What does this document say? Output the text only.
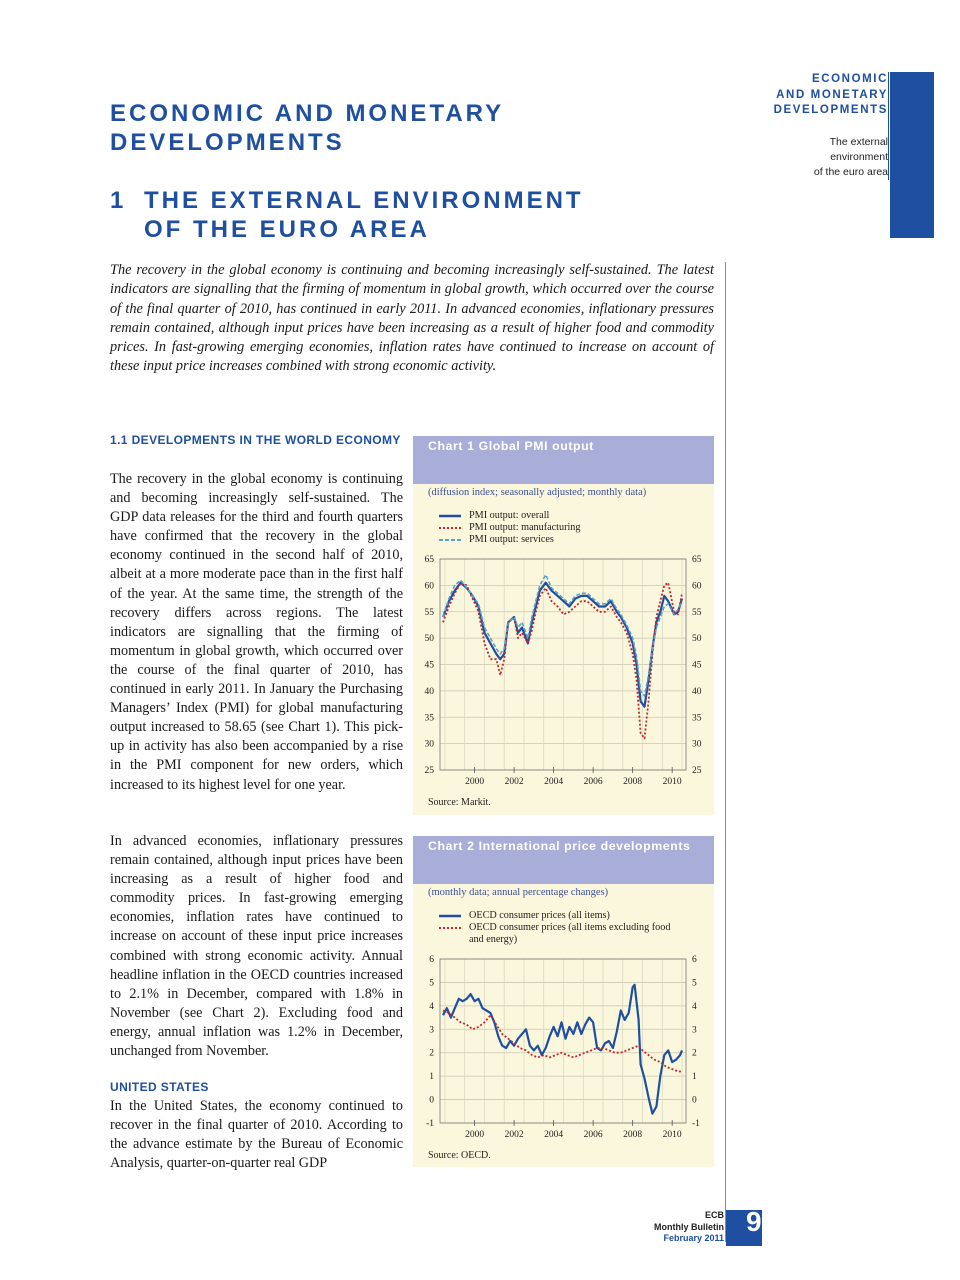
ECONOMIC
AND MONETARY
DEVELOPMENTS
The external
environment
of the euro area
ECONOMIC AND MONETARY
DEVELOPMENTS
1 THE EXTERNAL ENVIRONMENT
OF THE EURO AREA
The recovery in the global economy is continuing and becoming increasingly self-sustained. The latest indicators are signalling that the firming of momentum in global growth, which occurred over the course of the final quarter of 2010, has continued in early 2011. In advanced economies, inflationary pressures remain contained, although input prices have been increasing as a result of higher food and commodity prices. In fast-growing emerging economies, inflation rates have continued to increase on account of these input price increases combined with strong economic activity.
1.1 DEVELOPMENTS IN THE WORLD ECONOMY
The recovery in the global economy is continuing and becoming increasingly self-sustained. The GDP data releases for the third and fourth quarters have confirmed that the recovery in the global economy continued in the second half of 2010, albeit at a more moderate pace than in the first half of the year. At the same time, the strength of the recovery differs across regions. The latest indicators are signalling that the firming of momentum in global growth, which occurred over the course of the final quarter of 2010, has continued in early 2011. In January the Purchasing Managers’ Index (PMI) for global manufacturing output increased to 58.65 (see Chart 1). This pick-up in activity has also been accompanied by a rise in the PMI component for new orders, which increased to its highest level for one year.
In advanced economies, inflationary pressures remain contained, although input prices have been increasing as a result of higher food and commodity prices. In fast-growing emerging economies, inflation rates have continued to increase on account of these input price increases combined with strong economic activity. Annual headline inflation in the OECD countries increased to 2.1% in December, compared with 1.8% in November (see Chart 2). Excluding food and energy, annual inflation was 1.2% in December, unchanged from November.
UNITED STATES
In the United States, the economy continued to recover in the final quarter of 2010. According to the advance estimate by the Bureau of Economic Analysis, quarter-on-quarter real GDP
Chart 1 Global PMI output
(diffusion index; seasonally adjusted; monthly data)
PMI output: overall
PMI output: manufacturing
PMI output: services
25	25
30	30
35	35
40	40
45	45
50	50
55	55
60	60
65	65
2000 2002 2004 2006 2008 2010
Source: Markit.
Chart 2 International price developments
(monthly data; annual percentage changes)
OECD consumer prices (all items)
OECD consumer prices (all items excluding food
and energy)
-1	-1
0	0
1	1
2	2
3	3
4	4
5	5
6	6
2000 2002 2004 2006 2008 2010
Source: OECD.
ECB
Monthly Bulletin
February 2011
9
